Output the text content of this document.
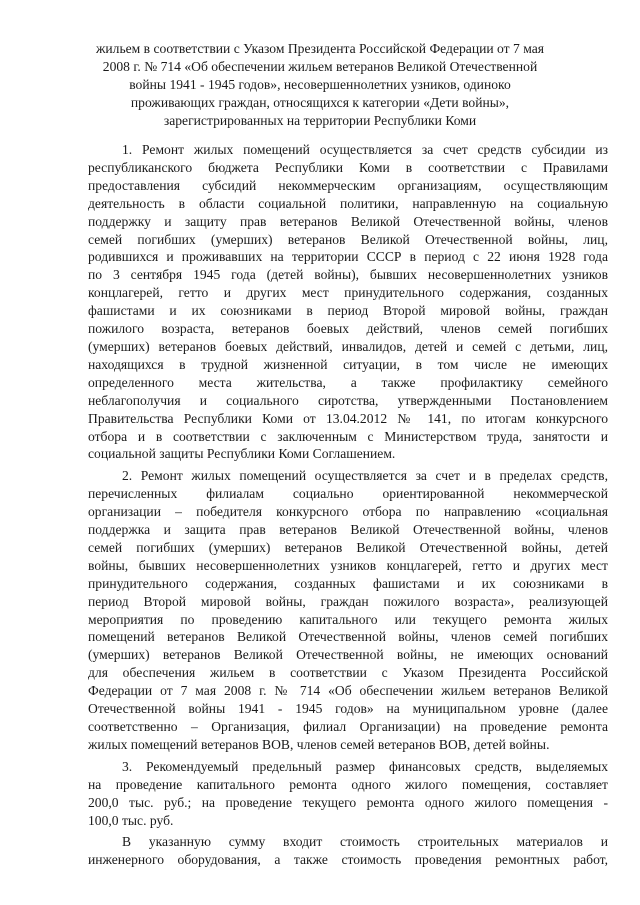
жильем в соответствии с Указом Президента Российской Федерации от 7 мая
2008 г. № 714 «Об обеспечении жильем ветеранов Великой Отечественной
войны 1941 - 1945 годов», несовершеннолетних узников, одиноко
проживающих граждан, относящихся к категории «Дети войны»,
зарегистрированных на территории Республики Коми
1. Ремонт жилых помещений осуществляется за счет средств субсидии из
республиканского бюджета Республики Коми в соответствии с Правилами
предоставления субсидий некоммерческим организациям, осуществляющим
деятельность в области социальной политики, направленную на социальную
поддержку и защиту прав ветеранов Великой Отечественной войны, членов
семей погибших (умерших) ветеранов Великой Отечественной войны, лиц,
родившихся и проживавших на территории СССР в период с 22 июня 1928 года
по 3 сентября 1945 года (детей войны), бывших несовершеннолетних узников
концлагерей, гетто и других мест принудительного содержания, созданных
фашистами и их союзниками в период Второй мировой войны, граждан
пожилого возраста, ветеранов боевых действий, членов семей погибших
(умерших) ветеранов боевых действий, инвалидов, детей и семей с детьми, лиц,
находящихся в трудной жизненной ситуации, в том числе не имеющих
определенного места жительства, а также профилактику семейного
неблагополучия и социального сиротства, утвержденными Постановлением
Правительства Республики Коми от 13.04.2012 № 141, по итогам конкурсного
отбора и в соответствии с заключенным с Министерством труда, занятости и
социальной защиты Республики Коми Соглашением.
2. Ремонт жилых помещений осуществляется за счет и в пределах средств,
перечисленных филиалам социально ориентированной некоммерческой
организации – победителя конкурсного отбора по направлению «социальная
поддержка и защита прав ветеранов Великой Отечественной войны, членов
семей погибших (умерших) ветеранов Великой Отечественной войны, детей
войны, бывших несовершеннолетних узников концлагерей, гетто и других мест
принудительного содержания, созданных фашистами и их союзниками в
период Второй мировой войны, граждан пожилого возраста», реализующей
мероприятия по проведению капитального или текущего ремонта жилых
помещений ветеранов Великой Отечественной войны, членов семей погибших
(умерших) ветеранов Великой Отечественной войны, не имеющих оснований
для обеспечения жильем в соответствии с Указом Президента Российской
Федерации от 7 мая 2008 г. № 714 «Об обеспечении жильем ветеранов Великой
Отечественной войны 1941 - 1945 годов» на муниципальном уровне (далее
соответственно – Организация, филиал Организации) на проведение ремонта
жилых помещений ветеранов ВОВ, членов семей ветеранов ВОВ, детей войны.
3. Рекомендуемый предельный размер финансовых средств, выделяемых
на проведение капитального ремонта одного жилого помещения, составляет
200,0 тыс. руб.; на проведение текущего ремонта одного жилого помещения -
100,0 тыс. руб.
В указанную сумму входит стоимость строительных материалов и
инженерного оборудования, а также стоимость проведения ремонтных работ,
